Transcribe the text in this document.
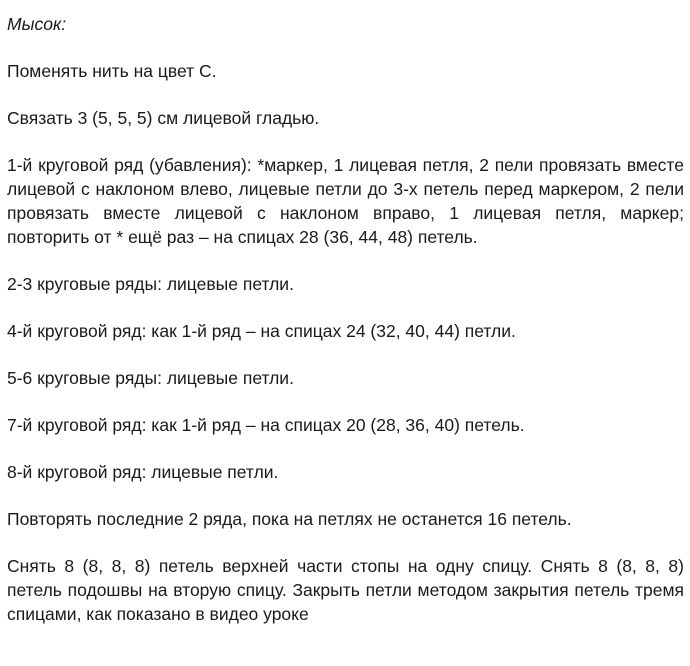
Мысок:

Поменять нить на цвет C.

Связать 3 (5, 5, 5) см лицевой гладью.

1-й круговой ряд (убавления): *маркер, 1 лицевая петля, 2 пели провязать вместе лицевой с наклоном влево, лицевые петли до 3-х петель перед маркером, 2 пели провязать вместе лицевой с наклоном вправо, 1 лицевая петля, маркер; повторить от * ещё раз – на спицах 28 (36, 44, 48) петель.

2-3 круговые ряды: лицевые петли.

4-й круговой ряд: как 1-й ряд – на спицах 24 (32, 40, 44) петли.

5-6 круговые ряды: лицевые петли.

7-й круговой ряд: как 1-й ряд – на спицах 20 (28, 36, 40) петель.

8-й круговой ряд: лицевые петли.

Повторять последние 2 ряда, пока на петлях не останется 16 петель.

Снять 8 (8, 8, 8) петель верхней части стопы на одну спицу. Снять 8 (8, 8, 8) петель подошвы на вторую спицу. Закрыть петли методом закрытия петель тремя спицами, как показано в видео уроке
